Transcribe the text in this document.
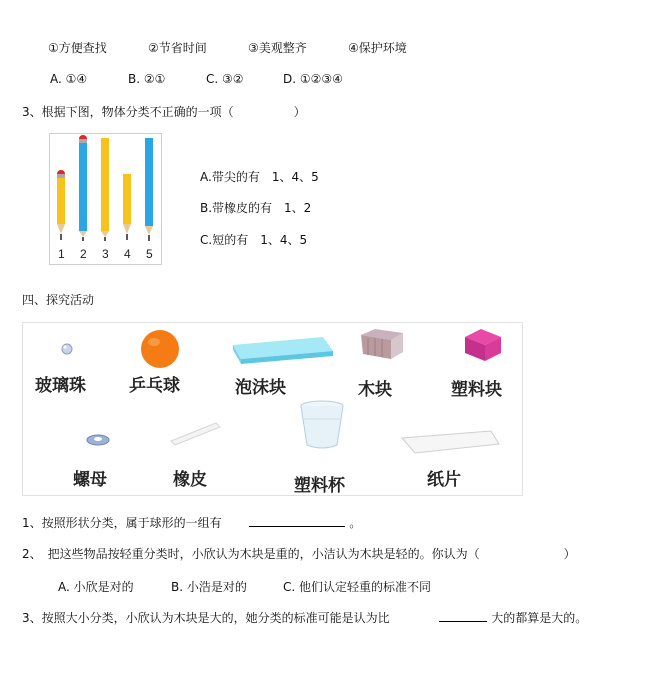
①方便查找	②节省时间	③美观整齐	④保护环境
A. ①④	B. ②①	C. ③②	D. ①②③④
3、根据下图，物体分类不正确的一项（　　　　　）
1 2 3 4 5
A.带尖的有　1、4、5
B.带橡皮的有　1、2
C.短的有　1、4、5
四、探究活动
玻璃珠	乒乓球	泡沫块	木块	塑料块
螺母	橡皮	塑料杯	纸片
1、按照形状分类，属于球形的一组有	。
2、　把这些物品按轻重分类时，小欣认为木块是重的，小洁认为木块是轻的。你认为（　　　　　　　）
A. 小欣是对的	B. 小浩是对的	C. 他们认定轻重的标准不同
3、按照大小分类，小欣认为木块是大的，她分类的标准可能是认为比	大的都算是大的。
